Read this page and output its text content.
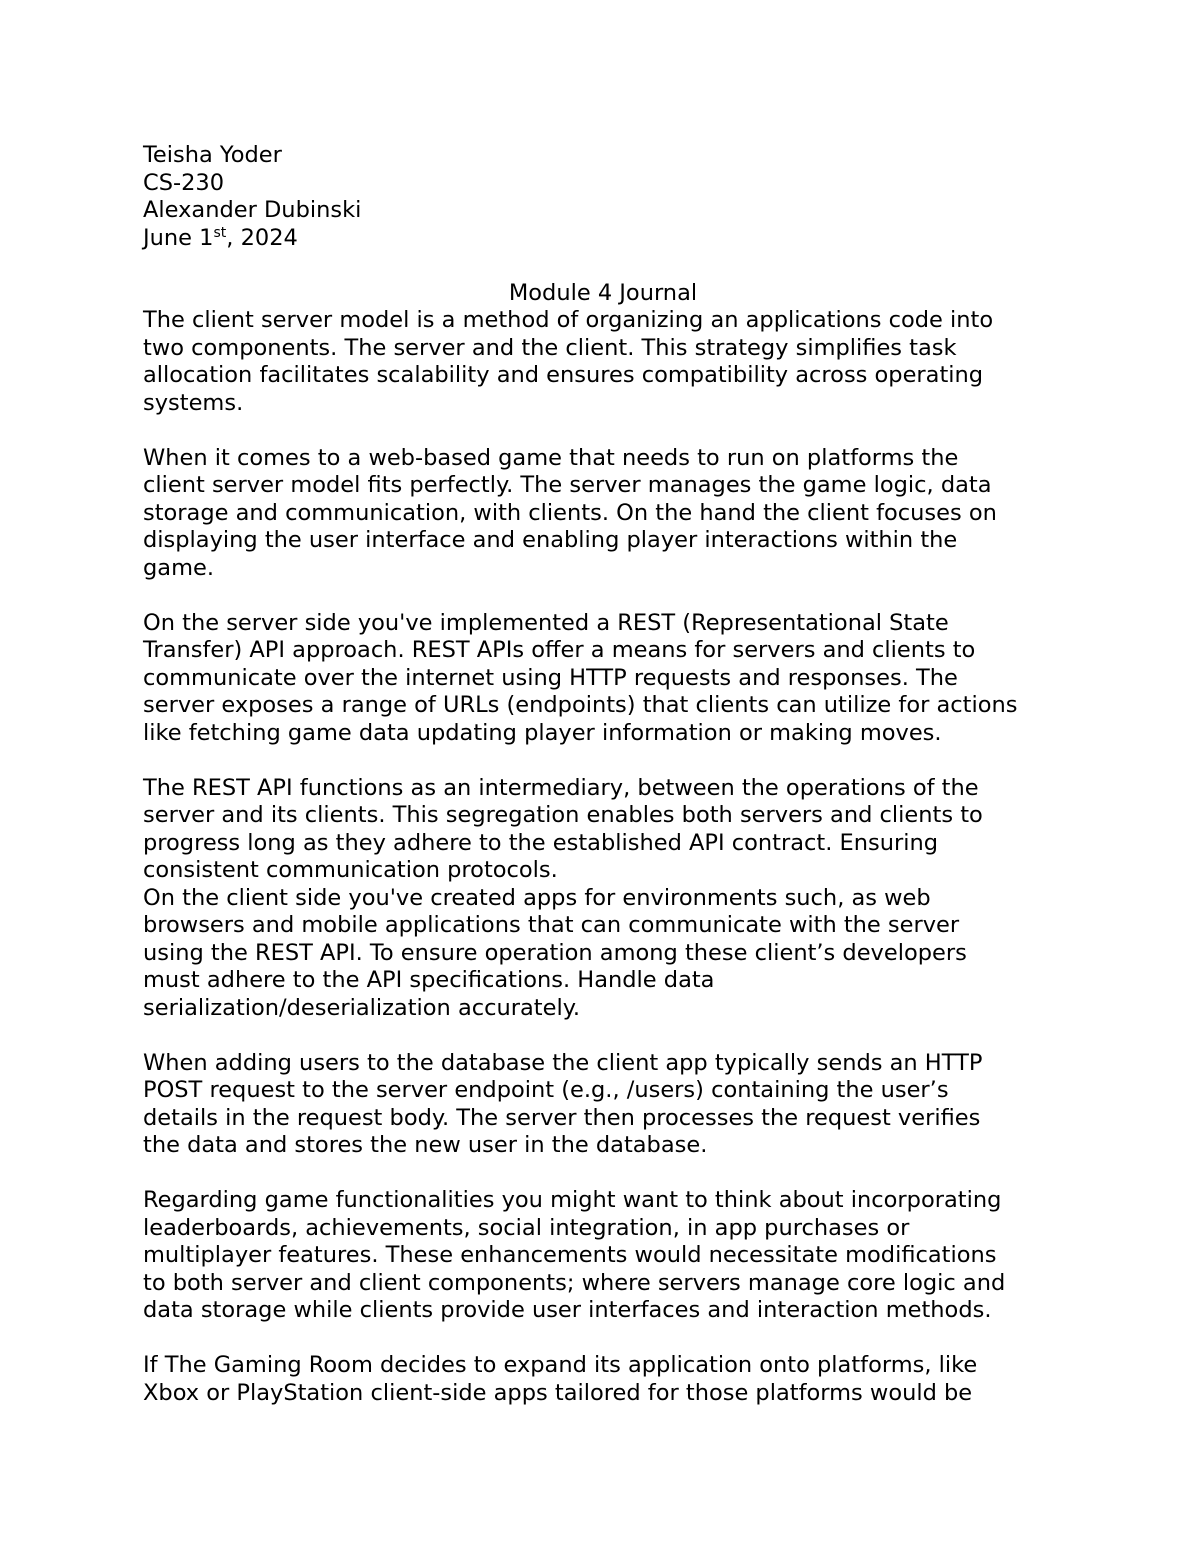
Teisha Yoder
CS-230
Alexander Dubinski
June 1st, 2024
Module 4 Journal

The client server model is a method of organizing an applications code into
two components. The server and the client. This strategy simplifies task
allocation facilitates scalability and ensures compatibility across operating
systems.

When it comes to a web-based game that needs to run on platforms the
client server model fits perfectly. The server manages the game logic, data
storage and communication, with clients. On the hand the client focuses on
displaying the user interface and enabling player interactions within the
game.

On the server side you've implemented a REST (Representational State
Transfer) API approach. REST APIs offer a means for servers and clients to
communicate over the internet using HTTP requests and responses. The
server exposes a range of URLs (endpoints) that clients can utilize for actions
like fetching game data updating player information or making moves.

The REST API functions as an intermediary, between the operations of the
server and its clients. This segregation enables both servers and clients to
progress long as they adhere to the established API contract. Ensuring
consistent communication protocols.

On the client side you've created apps for environments such, as web
browsers and mobile applications that can communicate with the server
using the REST API. To ensure operation among these client’s developers
must adhere to the API specifications. Handle data
serialization/deserialization accurately.

When adding users to the database the client app typically sends an HTTP
POST request to the server endpoint (e.g., /users) containing the user’s
details in the request body. The server then processes the request verifies
the data and stores the new user in the database.

Regarding game functionalities you might want to think about incorporating
leaderboards, achievements, social integration, in app purchases or
multiplayer features. These enhancements would necessitate modifications
to both server and client components; where servers manage core logic and
data storage while clients provide user interfaces and interaction methods.

If The Gaming Room decides to expand its application onto platforms, like
Xbox or PlayStation client-side apps tailored for those platforms would be
